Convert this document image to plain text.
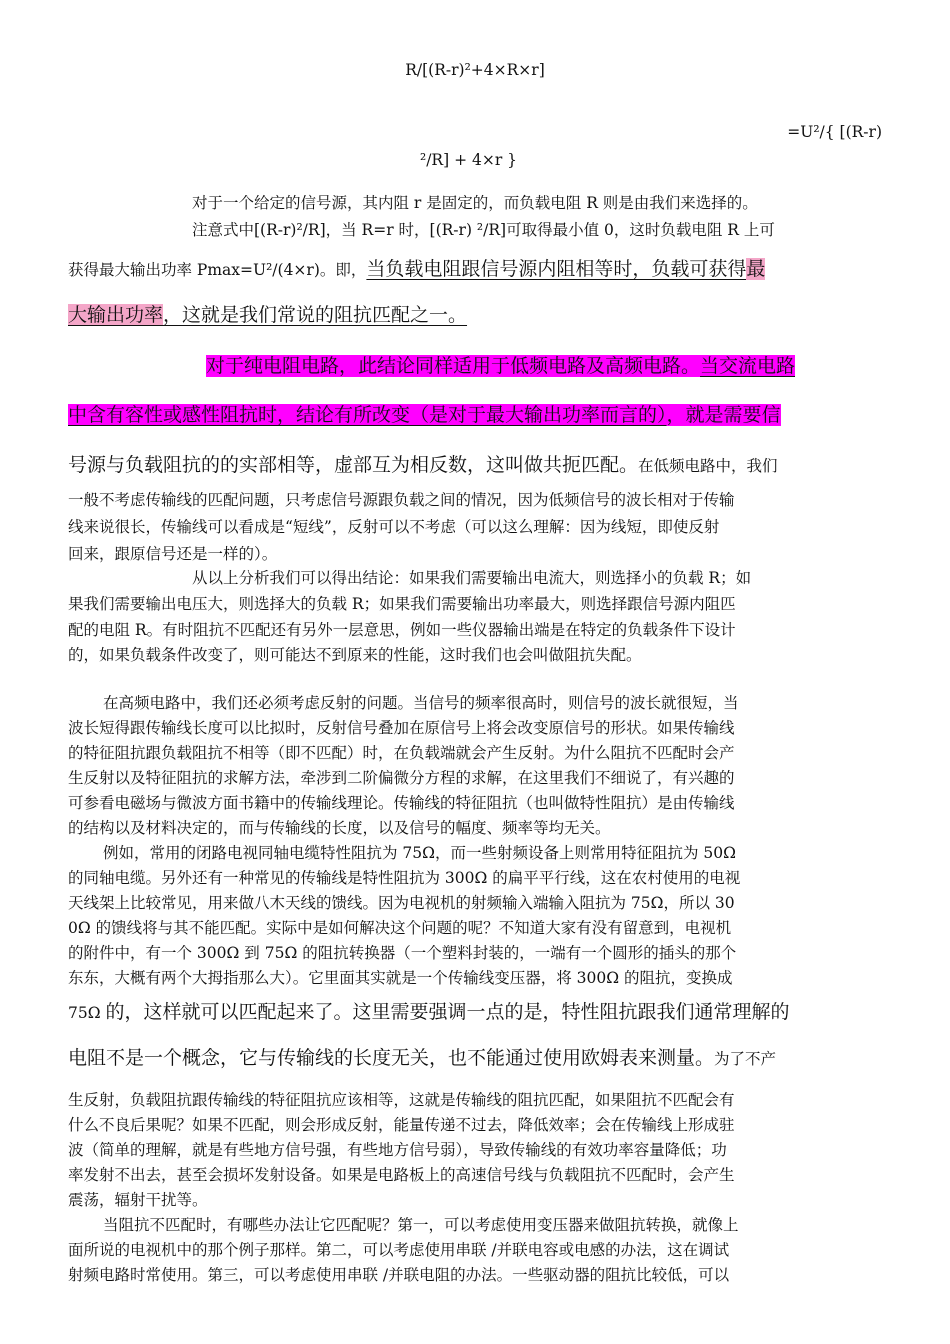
R/[(R-r)²+4×R×r]
=U²/{ [(R-r)
²/R] + 4×r }
对于一个给定的信号源，其内阻 r 是固定的，而负载电阻 R 则是由我们来选择的。
注意式中[(R-r)²/R]，当 R=r 时，[(R-r) ²/R]可取得最小值 0，这时负载电阻 R 上可
获得最大输出功率 Pmax=U²/(4×r)。即，当负载电阻跟信号源内阻相等时，负载可获得最
大输出功率，这就是我们常说的阻抗匹配之一。
对于纯电阻电路，此结论同样适用于低频电路及高频电路。当交流电路
中含有容性或感性阻抗时，结论有所改变（是对于最大输出功率而言的），就是需要信
号源与负载阻抗的的实部相等，虚部互为相反数，这叫做共扼匹配。在低频电路中，我们
一般不考虑传输线的匹配问题，只考虑信号源跟负载之间的情况，因为低频信号的波长相对于传输
线来说很长，传输线可以看成是“短线”，反射可以不考虑（可以这么理解：因为线短，即使反射
回来，跟原信号还是一样的）。
从以上分析我们可以得出结论：如果我们需要输出电流大，则选择小的负载 R；如
果我们需要输出电压大，则选择大的负载 R；如果我们需要输出功率最大，则选择跟信号源内阻匹
配的电阻 R。有时阻抗不匹配还有另外一层意思，例如一些仪器输出端是在特定的负载条件下设计
的，如果负载条件改变了，则可能达不到原来的性能，这时我们也会叫做阻抗失配。
在高频电路中，我们还必须考虑反射的问题。当信号的频率很高时，则信号的波长就很短，当
波长短得跟传输线长度可以比拟时，反射信号叠加在原信号上将会改变原信号的形状。如果传输线
的特征阻抗跟负载阻抗不相等（即不匹配）时，在负载端就会产生反射。为什么阻抗不匹配时会产
生反射以及特征阻抗的求解方法，牵涉到二阶偏微分方程的求解，在这里我们不细说了，有兴趣的
可参看电磁场与微波方面书籍中的传输线理论。传输线的特征阻抗（也叫做特性阻抗）是由传输线
的结构以及材料决定的，而与传输线的长度，以及信号的幅度、频率等均无关。
例如，常用的闭路电视同轴电缆特性阻抗为 75Ω，而一些射频设备上则常用特征阻抗为 50Ω
的同轴电缆。另外还有一种常见的传输线是特性阻抗为 300Ω 的扁平平行线，这在农村使用的电视
天线架上比较常见，用来做八木天线的馈线。因为电视机的射频输入端输入阻抗为 75Ω，所以 30
0Ω 的馈线将与其不能匹配。实际中是如何解决这个问题的呢？不知道大家有没有留意到，电视机
的附件中，有一个 300Ω 到 75Ω 的阻抗转换器（一个塑料封装的，一端有一个圆形的插头的那个
东东，大概有两个大拇指那么大）。它里面其实就是一个传输线变压器，将 300Ω 的阻抗，变换成
75Ω 的，这样就可以匹配起来了。这里需要强调一点的是，特性阻抗跟我们通常理解的
电阻不是一个概念，它与传输线的长度无关，也不能通过使用欧姆表来测量。为了不产
生反射，负载阻抗跟传输线的特征阻抗应该相等，这就是传输线的阻抗匹配，如果阻抗不匹配会有
什么不良后果呢？如果不匹配，则会形成反射，能量传递不过去，降低效率；会在传输线上形成驻
波（简单的理解，就是有些地方信号强，有些地方信号弱），导致传输线的有效功率容量降低；功
率发射不出去，甚至会损坏发射设备。如果是电路板上的高速信号线与负载阻抗不匹配时，会产生
震荡，辐射干扰等。
当阻抗不匹配时，有哪些办法让它匹配呢？第一，可以考虑使用变压器来做阻抗转换，就像上
面所说的电视机中的那个例子那样。第二，可以考虑使用串联 /并联电容或电感的办法，这在调试
射频电路时常使用。第三，可以考虑使用串联 /并联电阻的办法。一些驱动器的阻抗比较低，可以
